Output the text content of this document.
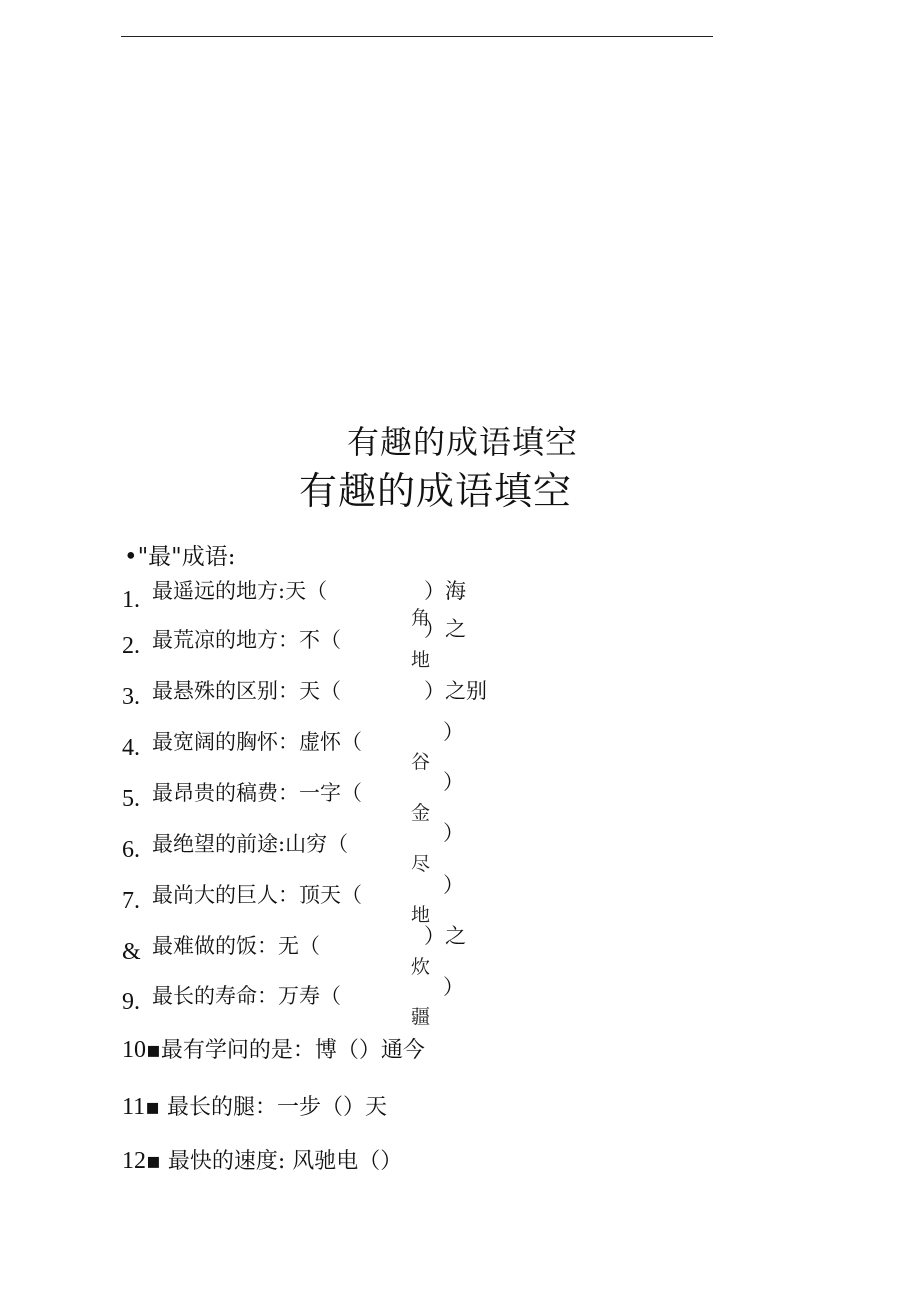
有趣的成语填空
有趣的成语填空
•"最"成语:
1. 最遥远的地方:天（	）海
角
2. 最荒凉的地方：不（	）之
地
3. 最悬殊的区别：天（	）之别
4. 最宽阔的胸怀：虚怀（	）
谷
5. 最昂贵的稿费：一字（	）
金
6. 最绝望的前途:山穷（	）
尽
7. 最尚大的巨人：顶天（	）
地
& 最难做的饭：无（	）之
炊
9. 最长的寿命：万寿（	）
疆
10▪最有学问的是：博（）通今
11▪ 最长的腿：一步（）天
12▪ 最快的速度: 风驰电（）
